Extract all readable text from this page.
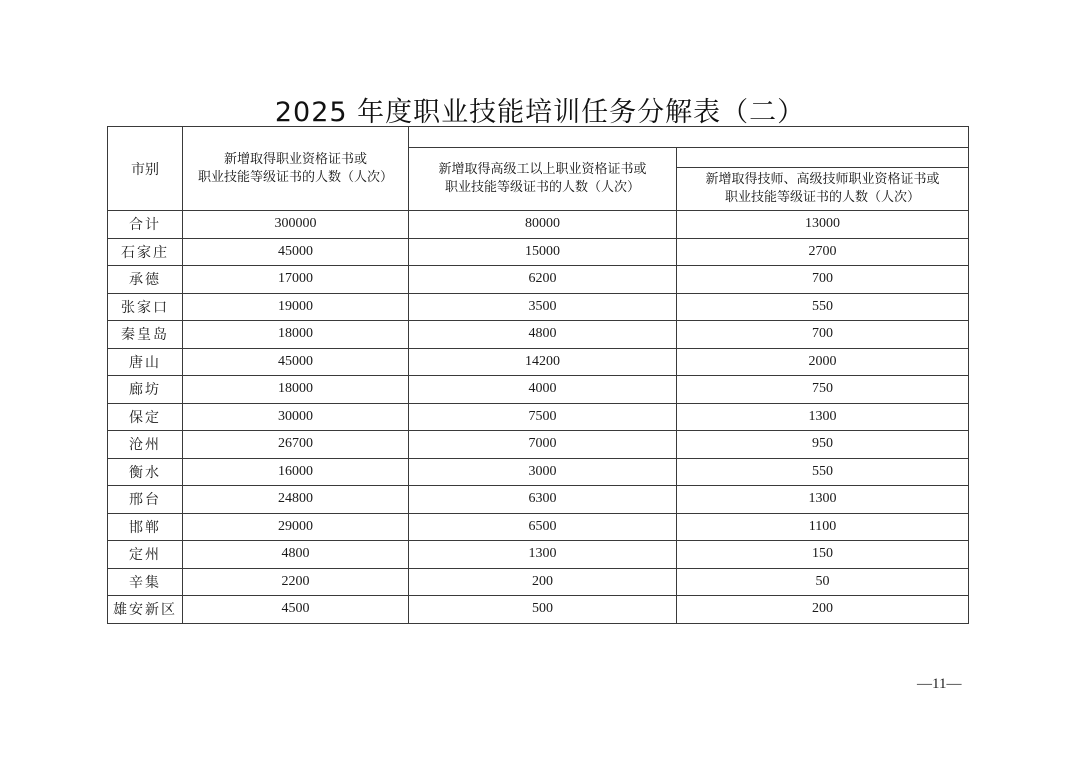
2025 年度职业技能培训任务分解表（二）
市别	新增取得职业资格证书或
职业技能等级证书的人数（人次）		

		新增取得高级工以上职业资格证书或
职业技能等级证书的人数（人次）	

			新增取得技师、高级技师职业资格证书或
职业技能等级证书的人数（人次）

合计	300000	80000	13000
石家庄	45000	15000	2700
承德	17000	6200	700
张家口	19000	3500	550
秦皇岛	18000	4800	700
唐山	45000	14200	2000
廊坊	18000	4000	750
保定	30000	7500	1300
沧州	26700	7000	950
衡水	16000	3000	550
邢台	24800	6300	1300
邯郸	29000	6500	1100
定州	4800	1300	150
辛集	2200	200	50
雄安新区	4500	500	200
—11—
